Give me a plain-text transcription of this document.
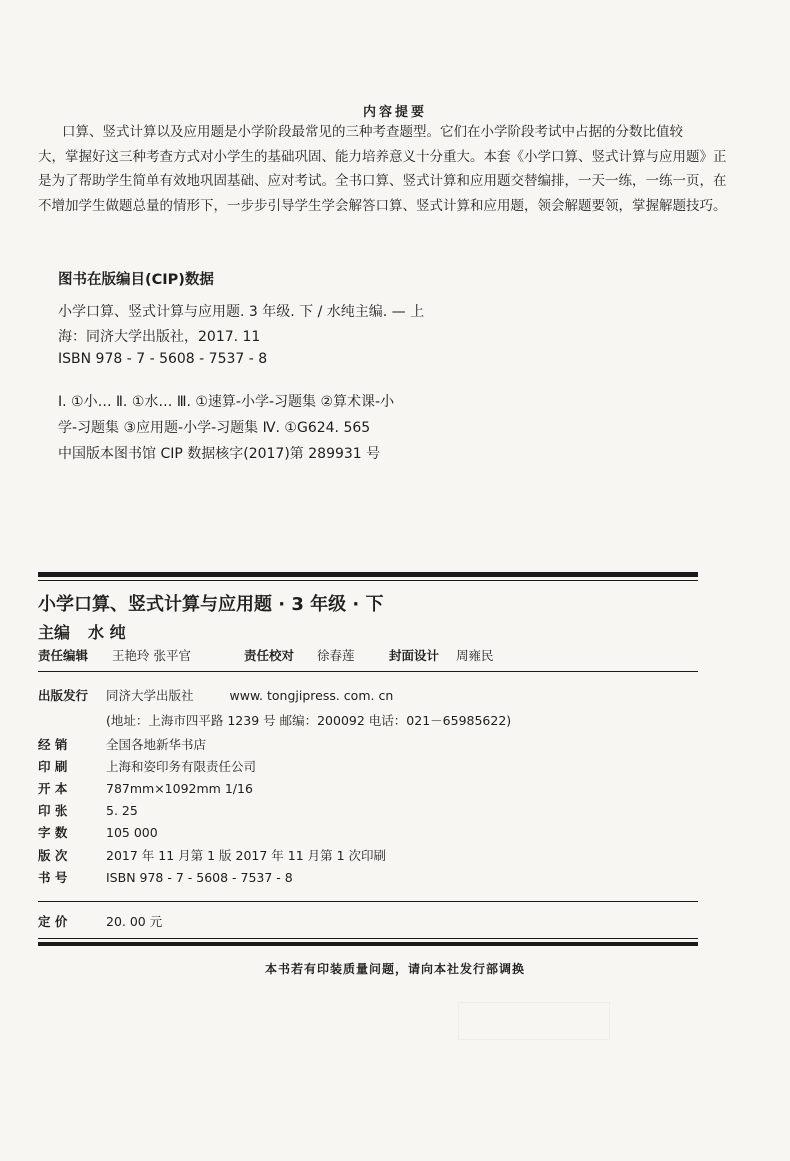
内容提要
口算、竖式计算以及应用题是小学阶段最常见的三种考查题型。它们在小学阶段考试中占据的分数比值较
大，掌握好这三种考查方式对小学生的基础巩固、能力培养意义十分重大。本套《小学口算、竖式计算与应用题》正
是为了帮助学生简单有效地巩固基础、应对考试。全书口算、竖式计算和应用题交替编排，一天一练，一练一页，在
不增加学生做题总量的情形下，一步步引导学生学会解答口算、竖式计算和应用题，领会解题要领，掌握解题技巧。
图书在版编目(CIP)数据
小学口算、竖式计算与应用题. 3 年级. 下 / 水纯主编. — 上
海：同济大学出版社，2017. 11
ISBN 978 - 7 - 5608 - 7537 - 8
Ⅰ. ①小… Ⅱ. ①水… Ⅲ. ①速算-小学-习题集 ②算术课-小
学-习题集 ③应用题-小学-习题集 Ⅳ. ①G624. 565
中国版本图书馆 CIP 数据核字(2017)第 289931 号
小学口算、竖式计算与应用题 · 3 年级 · 下
主编 水 纯
责任编辑 王艳玲 张平官	责任校对 徐春莲	封面设计 周雍民
出版发行 同济大学出版社	www. tongjipress. com. cn
(地址：上海市四平路 1239 号 邮编：200092 电话：021－65985622)
经 销	全国各地新华书店
印 刷	上海和姿印务有限责任公司
开 本	787mm×1092mm 1/16
印 张	5. 25
字 数	105 000
版 次	2017 年 11 月第 1 版 2017 年 11 月第 1 次印刷
书 号	ISBN 978 - 7 - 5608 - 7537 - 8
定 价	20. 00 元
本书若有印装质量问题，请向本社发行部调换
